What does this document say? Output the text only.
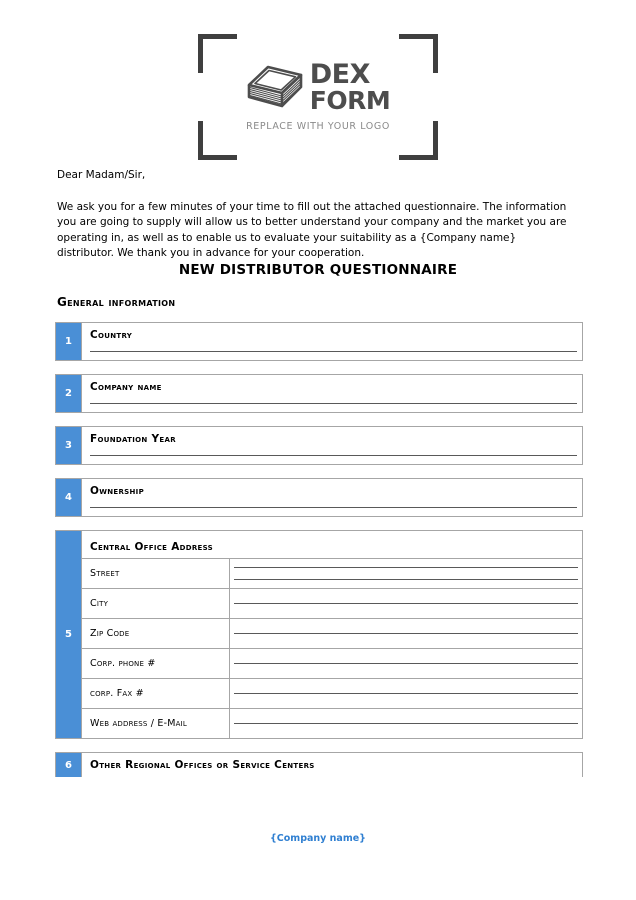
DEX
FORM
REPLACE WITH YOUR LOGO

Dear Madam/Sir,

We ask you for a few minutes of your time to fill out the attached questionnaire. The information you are going to supply will allow us to better understand your company and the market you are operating in, as well as to enable us to evaluate your suitability as a {Company name} distributor. We thank you in advance for your cooperation.

NEW DISTRIBUTOR QUESTIONNAIRE
General information
1
Country
2
Company name
3
Foundation Year
4
Ownership
5
Central Office Address
Street
City
Zip Code
Corp. phone #
corp. Fax #
Web address / E-Mail
6	Other Regional Offices or Service Centers
{Company name}
